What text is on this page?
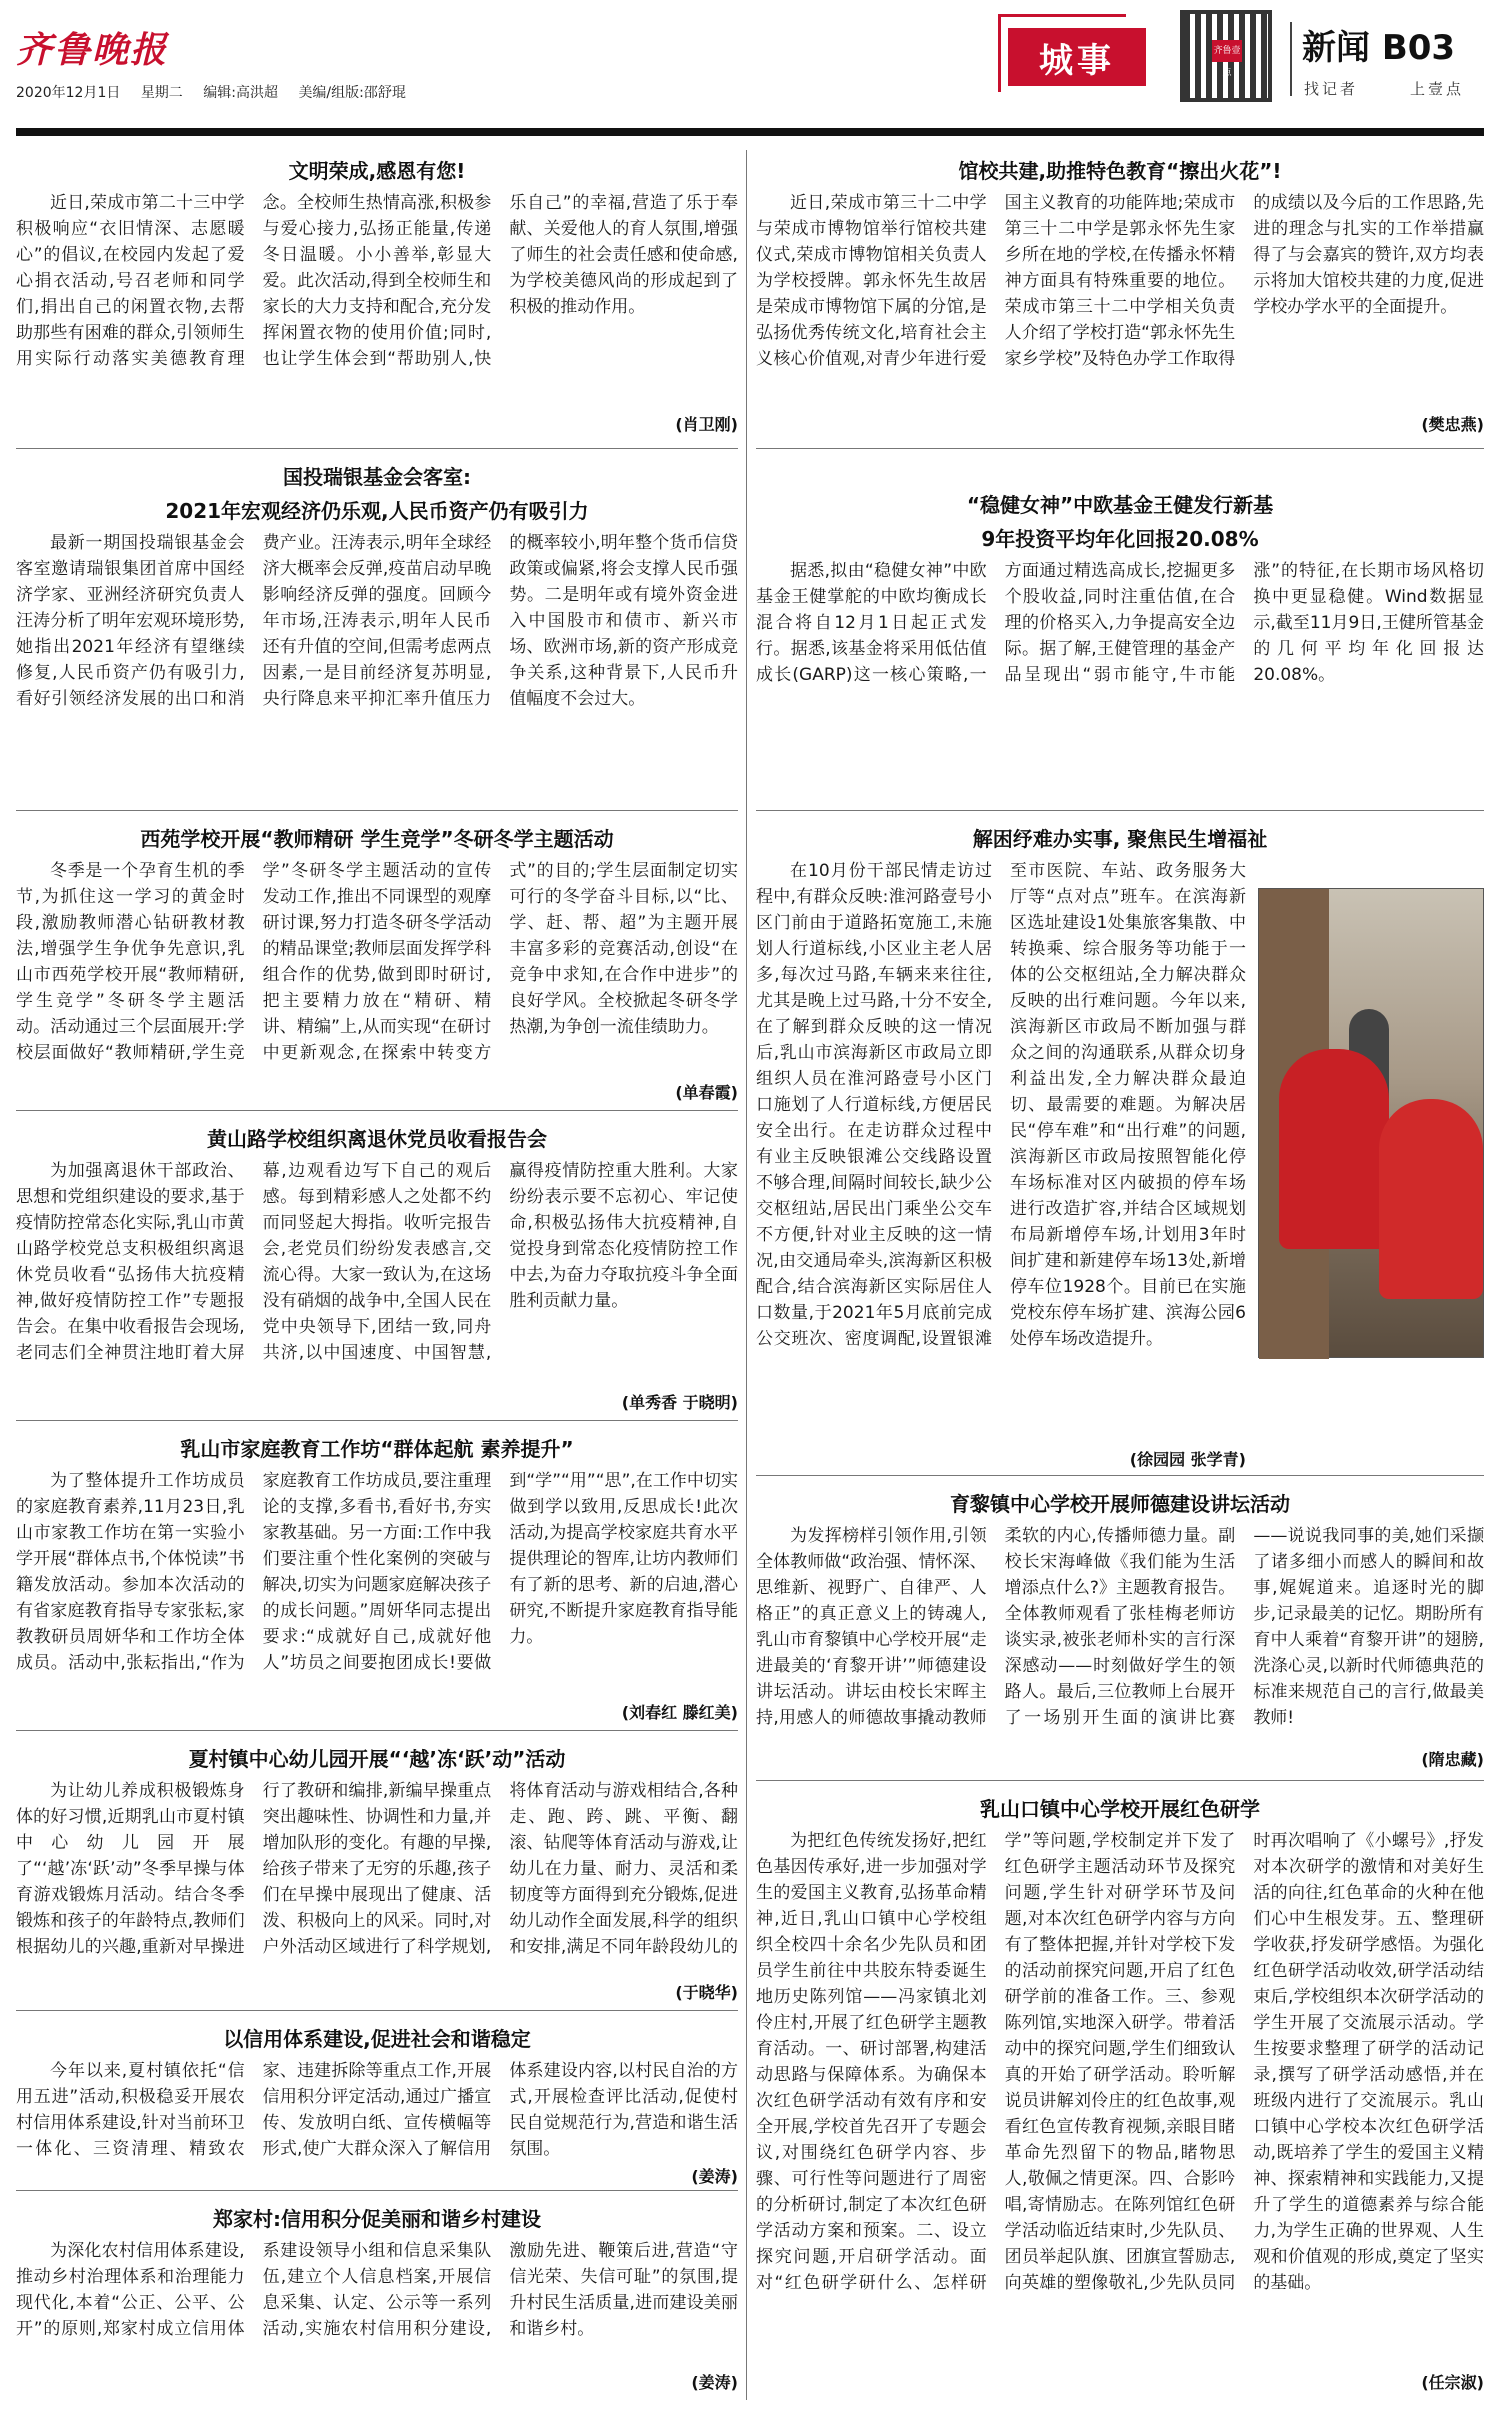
齐鲁晚报
2020年12月1日 星期二 编辑:高洪超 美编/组版:邵舒琨
城事	齐鲁壹点
新闻 B03
找记者	上壹点
文明荣成,感恩有您!

近日,荣成市第二十三中学积极响应“衣旧情深、志愿暖心”的倡议,在校园内发起了爱心捐衣活动,号召老师和同学们,捐出自己的闲置衣物,去帮助那些有困难的群众,引领师生用实际行动落实美德教育理念。全校师生热情高涨,积极参与爱心接力,弘扬正能量,传递冬日温暖。小小善举,彰显大爱。此次活动,得到全校师生和家长的大力支持和配合,充分发挥闲置衣物的使用价值;同时,也让学生体会到“帮助别人,快乐自己”的幸福,营造了乐于奉献、关爱他人的育人氛围,增强了师生的社会责任感和使命感,为学校美德风尚的形成起到了积极的推动作用。

(肖卫刚)
国投瑞银基金会客室:
2021年宏观经济仍乐观,人民币资产仍有吸引力

最新一期国投瑞银基金会客室邀请瑞银集团首席中国经济学家、亚洲经济研究负责人汪涛分析了明年宏观环境形势,她指出2021年经济有望继续修复,人民币资产仍有吸引力,看好引领经济发展的出口和消费产业。汪涛表示,明年全球经济大概率会反弹,疫苗启动早晚影响经济反弹的强度。回顾今年市场,汪涛表示,明年人民币还有升值的空间,但需考虑两点因素,一是目前经济复苏明显,央行降息来平抑汇率升值压力的概率较小,明年整个货币信贷政策或偏紧,将会支撑人民币强势。二是明年或有境外资金进入中国股市和债市、新兴市场、欧洲市场,新的资产形成竞争关系,这种背景下,人民币升值幅度不会过大。

西苑学校开展“教师精研 学生竞学”冬研冬学主题活动

冬季是一个孕育生机的季节,为抓住这一学习的黄金时段,激励教师潜心钻研教材教法,增强学生争优争先意识,乳山市西苑学校开展“教师精研,学生竞学”冬研冬学主题活动。活动通过三个层面展开:学校层面做好“教师精研,学生竞学”冬研冬学主题活动的宣传发动工作,推出不同课型的观摩研讨课,努力打造冬研冬学活动的精品课堂;教师层面发挥学科组合作的优势,做到即时研讨,把主要精力放在“精研、精讲、精编”上,从而实现“在研讨中更新观念,在探索中转变方式”的目的;学生层面制定切实可行的冬学奋斗目标,以“比、学、赶、帮、超”为主题开展丰富多彩的竞赛活动,创设“在竞争中求知,在合作中进步”的良好学风。全校掀起冬研冬学热潮,为争创一流佳绩助力。

(单春霞)
黄山路学校组织离退休党员收看报告会

为加强离退休干部政治、思想和党组织建设的要求,基于疫情防控常态化实际,乳山市黄山路学校党总支积极组织离退休党员收看“弘扬伟大抗疫精神,做好疫情防控工作”专题报告会。在集中收看报告会现场,老同志们全神贯注地盯着大屏幕,边观看边写下自己的观后感。每到精彩感人之处都不约而同竖起大拇指。收听完报告会,老党员们纷纷发表感言,交流心得。大家一致认为,在这场没有硝烟的战争中,全国人民在党中央领导下,团结一致,同舟共济,以中国速度、中国智慧,赢得疫情防控重大胜利。大家纷纷表示要不忘初心、牢记使命,积极弘扬伟大抗疫精神,自觉投身到常态化疫情防控工作中去,为奋力夺取抗疫斗争全面胜利贡献力量。

(单秀香 于晓明)
乳山市家庭教育工作坊“群体起航 素养提升”

为了整体提升工作坊成员的家庭教育素养,11月23日,乳山市家教工作坊在第一实验小学开展“群体点书,个体悦读”书籍发放活动。参加本次活动的有省家庭教育指导专家张耘,家教教研员周妍华和工作坊全体成员。活动中,张耘指出,“作为家庭教育工作坊成员,要注重理论的支撑,多看书,看好书,夯实家教基础。另一方面:工作中我们要注重个性化案例的突破与解决,切实为问题家庭解决孩子的成长问题。”周妍华同志提出要求:“成就好自己,成就好他人”坊员之间要抱团成长!要做到“学”“用”“思”,在工作中切实做到学以致用,反思成长!此次活动,为提高学校家庭共育水平提供理论的智库,让坊内教师们有了新的思考、新的启迪,潜心研究,不断提升家庭教育指导能力。

(刘春红 滕红美)
夏村镇中心幼儿园开展“‘越’冻‘跃’动”活动

为让幼儿养成积极锻炼身体的好习惯,近期乳山市夏村镇中心幼儿园开展了“‘越’冻‘跃’动”冬季早操与体育游戏锻炼月活动。结合冬季锻炼和孩子的年龄特点,教师们根据幼儿的兴趣,重新对早操进行了教研和编排,新编早操重点突出趣味性、协调性和力量,并增加队形的变化。有趣的早操,给孩子带来了无穷的乐趣,孩子们在早操中展现出了健康、活泼、积极向上的风采。同时,对户外活动区域进行了科学规划,将体育活动与游戏相结合,各种走、跑、跨、跳、平衡、翻滚、钻爬等体育活动与游戏,让幼儿在力量、耐力、灵活和柔韧度等方面得到充分锻炼,促进幼儿动作全面发展,科学的组织和安排,满足不同年龄段幼儿的

(于晓华)
以信用体系建设,促进社会和谐稳定

今年以来,夏村镇依托“信用五进”活动,积极稳妥开展农村信用体系建设,针对当前环卫一体化、三资清理、精致农家、违建拆除等重点工作,开展信用积分评定活动,通过广播宣传、发放明白纸、宣传横幅等形式,使广大群众深入了解信用体系建设内容,以村民自治的方式,开展检查评比活动,促使村民自觉规范行为,营造和谐生活氛围。

(姜涛)
郑家村:信用积分促美丽和谐乡村建设

为深化农村信用体系建设,推动乡村治理体系和治理能力现代化,本着“公正、公平、公开”的原则,郑家村成立信用体系建设领导小组和信息采集队伍,建立个人信息档案,开展信息采集、认定、公示等一系列活动,实施农村信用积分建设,激励先进、鞭策后进,营造“守信光荣、失信可耻”的氛围,提升村民生活质量,进而建设美丽和谐乡村。

(姜涛)
馆校共建,助推特色教育“擦出火花”!

近日,荣成市第三十二中学与荣成市博物馆举行馆校共建仪式,荣成市博物馆相关负责人为学校授牌。郭永怀先生故居是荣成市博物馆下属的分馆,是弘扬优秀传统文化,培育社会主义核心价值观,对青少年进行爱国主义教育的功能阵地;荣成市第三十二中学是郭永怀先生家乡所在地的学校,在传播永怀精神方面具有特殊重要的地位。荣成市第三十二中学相关负责人介绍了学校打造“郭永怀先生家乡学校”及特色办学工作取得的成绩以及今后的工作思路,先进的理念与扎实的工作举措赢得了与会嘉宾的赞许,双方均表示将加大馆校共建的力度,促进学校办学水平的全面提升。

(樊忠燕)
“稳健女神”中欧基金王健发行新基
9年投资平均年化回报20.08%

据悉,拟由“稳健女神”中欧基金王健掌舵的中欧均衡成长混合将自12月1日起正式发行。据悉,该基金将采用低估值成长(GARP)这一核心策略,一方面通过精选高成长,挖掘更多个股收益,同时注重估值,在合理的价格买入,力争提高安全边际。据了解,王健管理的基金产品呈现出“弱市能守,牛市能涨”的特征,在长期市场风格切换中更显稳健。Wind数据显示,截至11月9日,王健所管基金的几何平均年化回报达20.08%。

解困纾难办实事, 聚焦民生增福祉

在10月份干部民情走访过程中,有群众反映:淮河路壹号小区门前由于道路拓宽施工,未施划人行道标线,小区业主老人居多,每次过马路,车辆来来往往,尤其是晚上过马路,十分不安全,在了解到群众反映的这一情况后,乳山市滨海新区市政局立即组织人员在淮河路壹号小区门口施划了人行道标线,方便居民安全出行。在走访群众过程中有业主反映银滩公交线路设置不够合理,间隔时间较长,缺少公交枢纽站,居民出门乘坐公交车不方便,针对业主反映的这一情况,由交通局牵头,滨海新区积极配合,结合滨海新区实际居住人口数量,于2021年5月底前完成公交班次、密度调配,设置银滩至市医院、车站、政务服务大厅等“点对点”班车。在滨海新区选址建设1处集旅客集散、中转换乘、综合服务等功能于一体的公交枢纽站,全力解决群众反映的出行难问题。今年以来,滨海新区市政局不断加强与群众之间的沟通联系,从群众切身利益出发,全力解决群众最迫切、最需要的难题。为解决居民“停车难”和“出行难”的问题,滨海新区市政局按照智能化停车场标准对区内破损的停车场进行改造扩容,并结合区域规划布局新增停车场,计划用3年时间扩建和新建停车场13处,新增停车位1928个。目前已在实施党校东停车场扩建、滨海公园6处停车场改造提升。

(徐园园 张学青)
育黎镇中心学校开展师德建设讲坛活动

为发挥榜样引领作用,引领全体教师做“政治强、情怀深、思维新、视野广、自律严、人格正”的真正意义上的铸魂人,乳山市育黎镇中心学校开展“走进最美的‘育黎开讲’”师德建设讲坛活动。讲坛由校长宋晖主持,用感人的师德故事撬动教师柔软的内心,传播师德力量。副校长宋海峰做《我们能为生活增添点什么?》主题教育报告。全体教师观看了张桂梅老师访谈实录,被张老师朴实的言行深深感动——时刻做好学生的领路人。最后,三位教师上台展开了一场别开生面的演讲比赛——说说我同事的美,她们采撷了诸多细小而感人的瞬间和故事,娓娓道来。追逐时光的脚步,记录最美的记忆。期盼所有育中人乘着“育黎开讲”的翅膀,洗涤心灵,以新时代师德典范的标准来规范自己的言行,做最美教师!

(隋忠藏)
乳山口镇中心学校开展红色研学

为把红色传统发扬好,把红色基因传承好,进一步加强对学生的爱国主义教育,弘扬革命精神,近日,乳山口镇中心学校组织全校四十余名少先队员和团员学生前往中共胶东特委诞生地历史陈列馆——冯家镇北刘伶庄村,开展了红色研学主题教育活动。一、研讨部署,构建活动思路与保障体系。为确保本次红色研学活动有效有序和安全开展,学校首先召开了专题会议,对围绕红色研学内容、步骤、可行性等问题进行了周密的分析研讨,制定了本次红色研学活动方案和预案。二、设立探究问题,开启研学活动。面对“红色研学研什么、怎样研学”等问题,学校制定并下发了红色研学主题活动环节及探究问题,学生针对研学环节及问题,对本次红色研学内容与方向有了整体把握,并针对学校下发的活动前探究问题,开启了红色研学前的准备工作。三、参观陈列馆,实地深入研学。带着活动中的探究问题,学生们细致认真的开始了研学活动。聆听解说员讲解刘伶庄的红色故事,观看红色宣传教育视频,亲眼目睹革命先烈留下的物品,睹物思人,敬佩之情更深。四、合影吟唱,寄情励志。在陈列馆红色研学活动临近结束时,少先队员、团员举起队旗、团旗宣誓励志,向英雄的塑像敬礼,少先队员同时再次唱响了《小螺号》,抒发对本次研学的激情和对美好生活的向往,红色革命的火种在他们心中生根发芽。五、整理研学收获,抒发研学感悟。为强化红色研学活动收效,研学活动结束后,学校组织本次研学活动的学生开展了交流展示活动。学生按要求整理了研学的活动记录,撰写了研学活动感悟,并在班级内进行了交流展示。乳山口镇中心学校本次红色研学活动,既培养了学生的爱国主义精神、探索精神和实践能力,又提升了学生的道德素养与综合能力,为学生正确的世界观、人生观和价值观的形成,奠定了坚实的基础。

(任宗淑)
